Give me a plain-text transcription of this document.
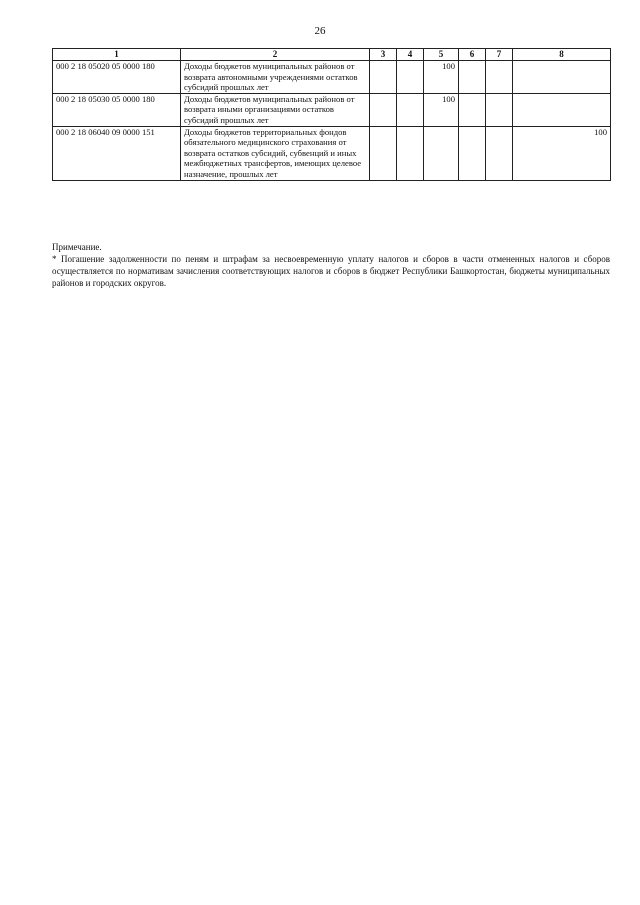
26
1	2	3	4	5	6	7	8
000 2 18 05020 05 0000 180	Доходы бюджетов муниципальных районов от возврата автономными учреждениями остатков субсидий прошлых лет			100			
000 2 18 05030 05 0000 180	Доходы бюджетов муниципальных районов от возврата иными организациями остатков субсидий прошлых лет			100			
000 2 18 06040 09 0000 151	Доходы бюджетов территориальных фондов обязательного медицинского страхования от возврата остатков субсидий, субвенций и иных межбюджетных трансфертов, имеющих целевое назначение, прошлых лет						100

Примечание.

* Погашение задолженности по пеням и штрафам за несвоевременную уплату налогов и сборов в части отмененных налогов и сборов осуществляется по нормативам зачисления соответствующих налогов и сборов в бюджет Республики Башкортостан, бюджеты муниципальных районов и городских округов.
